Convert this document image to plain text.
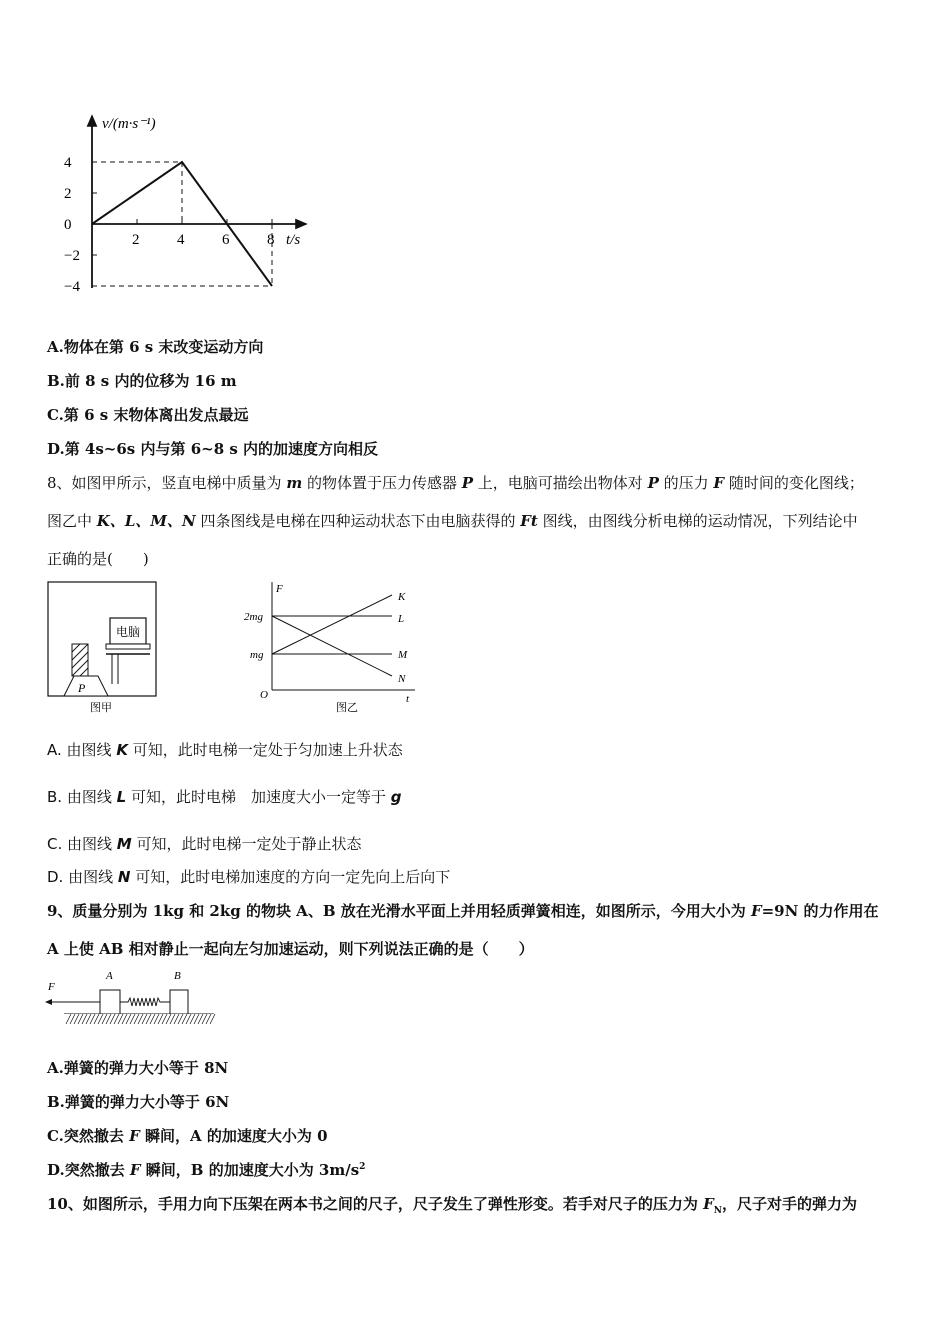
v/(m·s⁻¹)
t/s
4
2
0
−2
−4
2	4	6	8
A.物体在第 6 s 末改变运动方向
B.前 8 s 内的位移为 16 m
C.第 6 s 末物体离出发点最远
D.第 4s~6s 内与第 6~8 s 内的加速度方向相反
8、如图甲所示，竖直电梯中质量为 m 的物体置于压力传感器 P 上，电脑可描绘出物体对 P 的压力 F 随时间的变化图线；
图乙中 K、L、M、N 四条图线是电梯在四种运动状态下由电脑获得的 Ft 图线，由图线分析电梯的运动情况，下列结论中
正确的是(　　)
电脑
P
图甲
F
t
O
2mg
mg
K
L
M
N
图乙
A. 由图线 K 可知，此时电梯一定处于匀加速上升状态
B. 由图线 L 可知，此时电梯　加速度大小一定等于 g
C. 由图线 M 可知，此时电梯一定处于静止状态
D. 由图线 N 可知，此时电梯加速度的方向一定先向上后向下
9、质量分别为 1kg 和 2kg 的物块 A、B 放在光滑水平面上并用轻质弹簧相连，如图所示，今用大小为 F=9N 的力作用在
A 上使 AB 相对静止一起向左匀加速运动，则下列说法正确的是（　　）
F
A	B
A.弹簧的弹力大小等于 8N
B.弹簧的弹力大小等于 6N
C.突然撤去 F 瞬间，A 的加速度大小为 0
D.突然撤去 F 瞬间，B 的加速度大小为 $3m/s^2$
10、如图所示，手用力向下压架在两本书之间的尺子，尺子发生了弹性形变。若手对尺子的压力为 $F_N$，尺子对手的弹力为
